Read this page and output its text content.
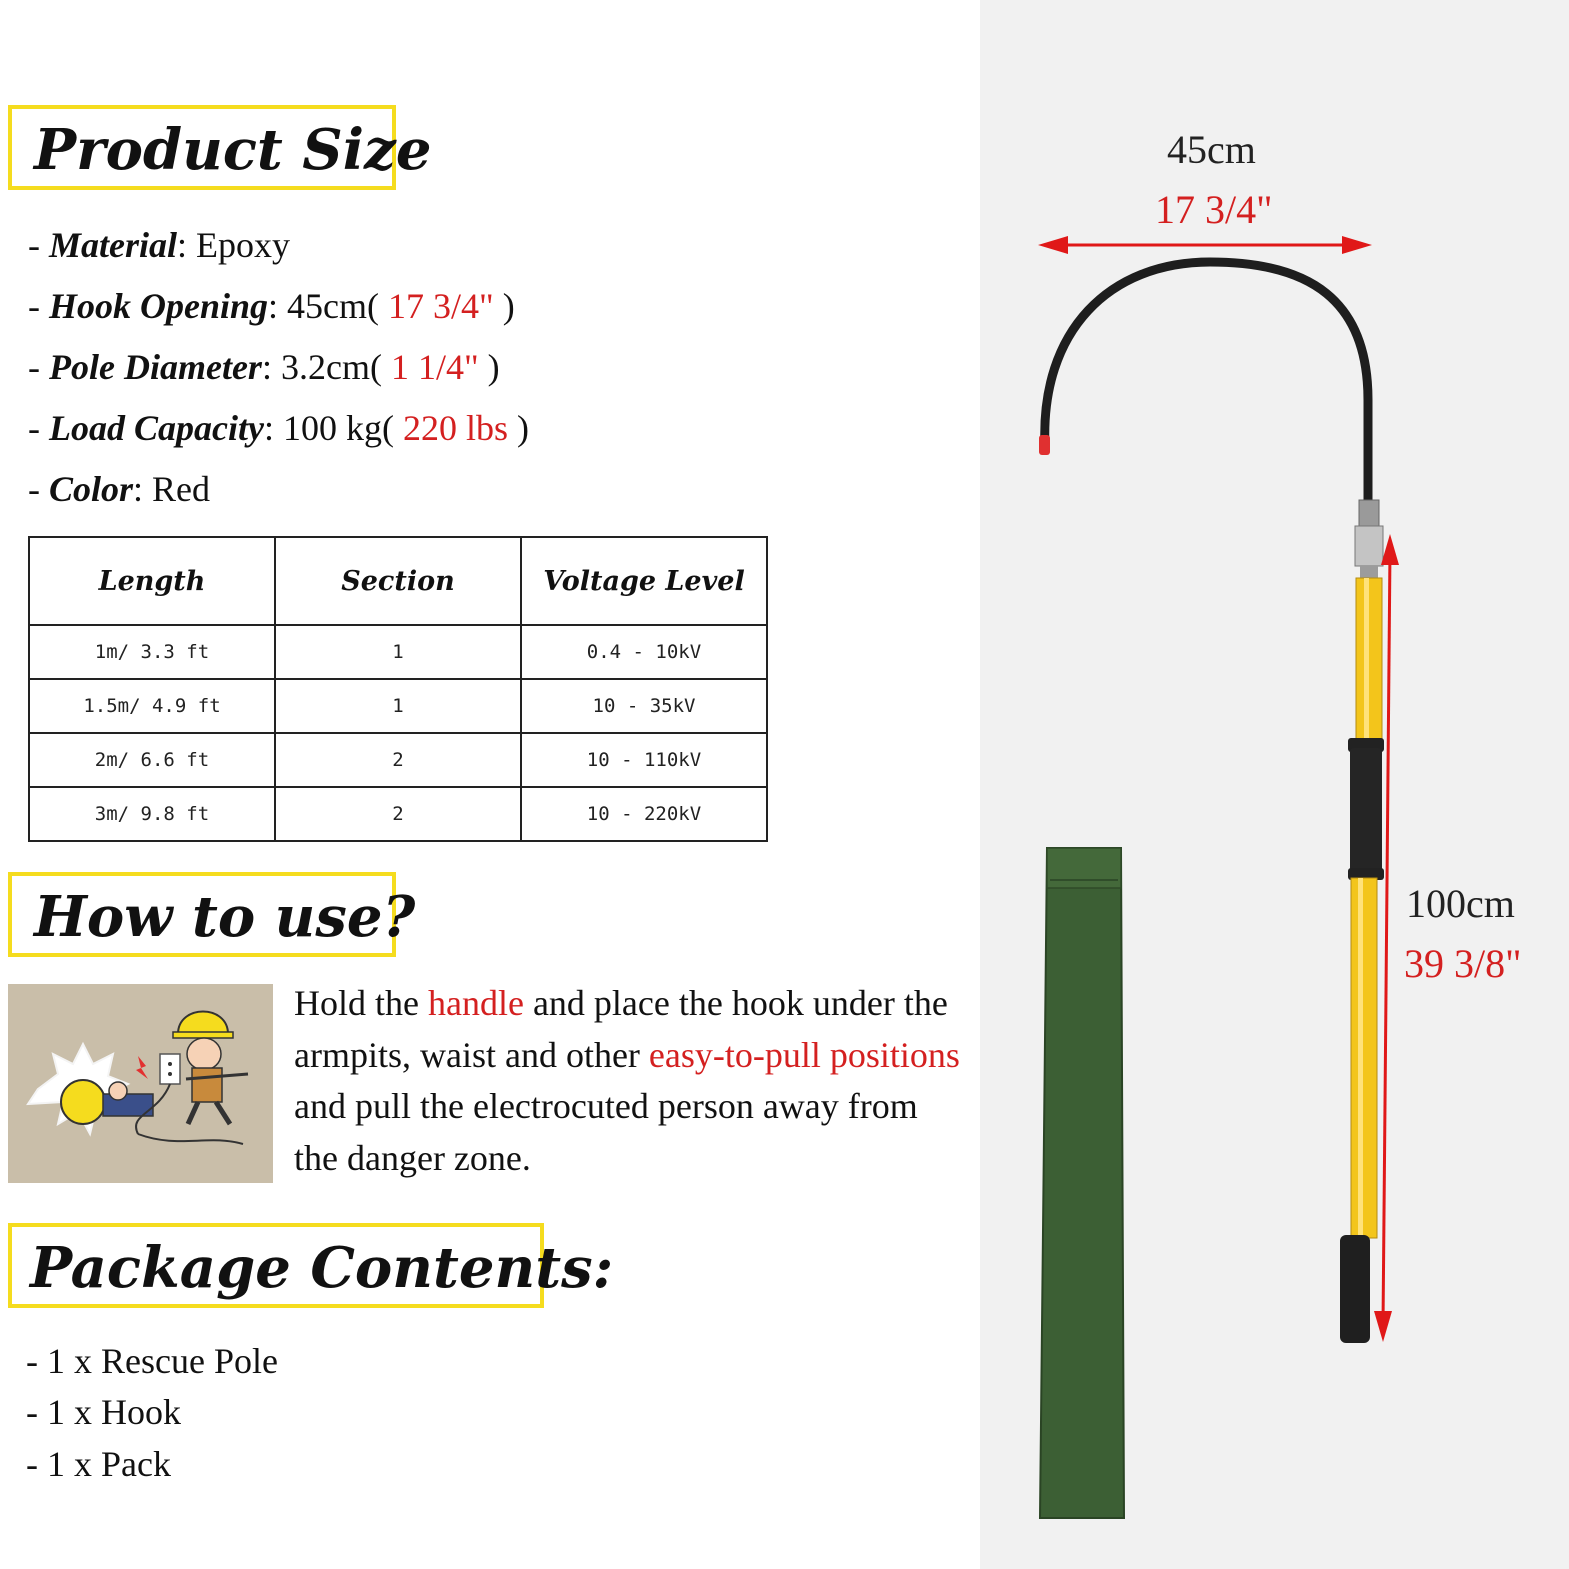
Product Size
- Material: Epoxy
- Hook Opening: 45cm( 17 3/4" )
- Pole Diameter: 3.2cm( 1 1/4" )
- Load Capacity: 100 kg( 220 lbs )
- Color: Red
Length	Section	Voltage Level
1m/ 3.3 ft	1	0.4 - 10kV
1.5m/ 4.9 ft	1	10 - 35kV
2m/ 6.6 ft	2	10 - 110kV
3m/ 9.8 ft	2	10 - 220kV
How to use?
Hold the handle and place the hook under the armpits, waist and other easy-to-pull positions and pull the electrocuted person away from the danger zone.
Package Contents:
- 1 x Rescue Pole
- 1 x Hook
- 1 x Pack
45cm
17 3/4"
100cm
39 3/8"
